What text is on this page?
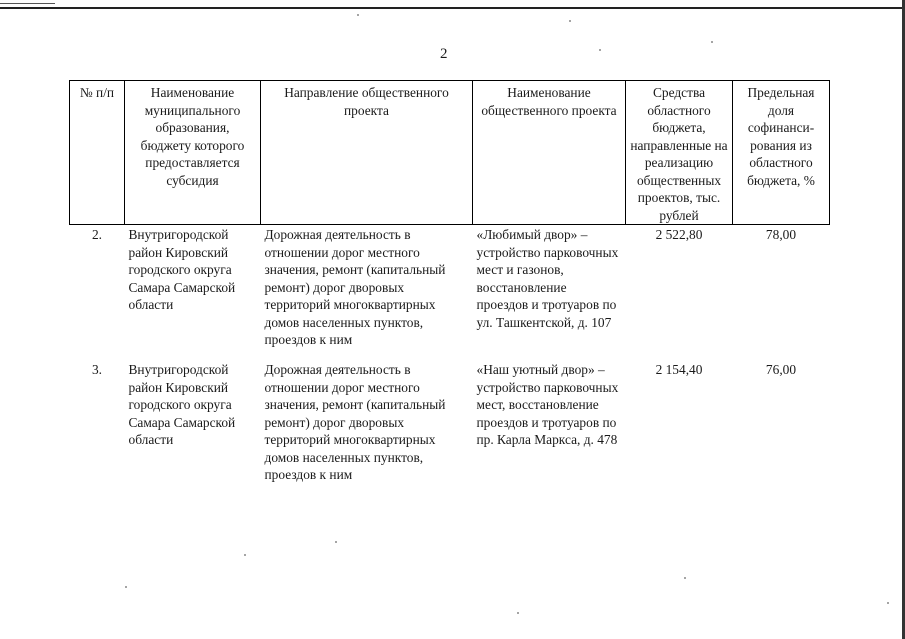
2
№ п/п	Наименование муниципального образования, бюджету которого предоставляется субсидия	Направление общественного проекта	Наименование общественного проекта	Средства областного бюджета, направленные на реализацию общественных проектов, тыс. рублей	Предельная доля софинанси-рования из областного бюджета, %
2.	Внутригородской район Кировский городского округа Самара Самарской области	Дорожная деятельность в отношении дорог местного значения, ремонт (капитальный ремонт) дорог дворовых территорий многоквартирных домов населенных пунктов, проездов к ним	«Любимый двор» – устройство парковочных мест и газонов, восстановление проездов и тротуаров по ул. Ташкентской, д. 107	2 522,80	78,00
3.	Внутригородской район Кировский городского округа Самара Самарской области	Дорожная деятельность в отношении дорог местного значения, ремонт (капитальный ремонт) дорог дворовых территорий многоквартирных домов населенных пунктов, проездов к ним	«Наш уютный двор» – устройство парковочных мест, восстановление проездов и тротуаров по пр. Карла Маркса, д. 478	2 154,40	76,00
